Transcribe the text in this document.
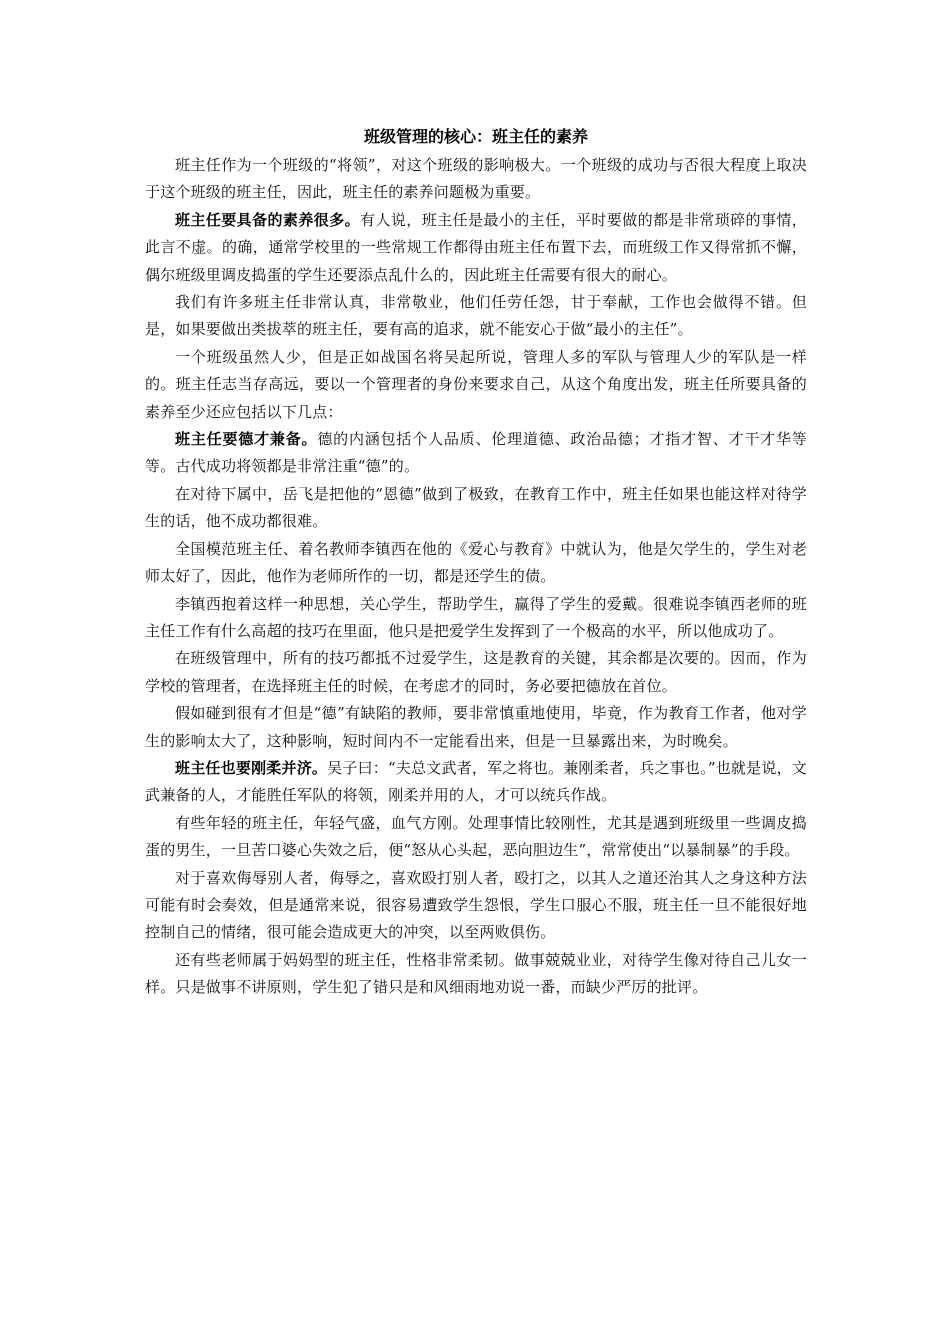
班级管理的核心：班主任的素养

班主任作为一个班级的“将领”，对这个班级的影响极大。一个班级的成功与否很大程度上取决于这个班级的班主任，因此，班主任的素养问题极为重要。

班主任要具备的素养很多。有人说，班主任是最小的主任，平时要做的都是非常琐碎的事情，此言不虚。的确，通常学校里的一些常规工作都得由班主任布置下去，而班级工作又得常抓不懈，偶尔班级里调皮捣蛋的学生还要添点乱什么的，因此班主任需要有很大的耐心。

我们有许多班主任非常认真，非常敬业，他们任劳任怨，甘于奉献，工作也会做得不错。但是，如果要做出类拔萃的班主任，要有高的追求，就不能安心于做“最小的主任”。

一个班级虽然人少，但是正如战国名将吴起所说，管理人多的军队与管理人少的军队是一样的。班主任志当存高远，要以一个管理者的身份来要求自己，从这个角度出发，班主任所要具备的素养至少还应包括以下几点：

班主任要德才兼备。德的内涵包括个人品质、伦理道德、政治品德；才指才智、才干才华等等。古代成功将领都是非常注重“德”的。

在对待下属中，岳飞是把他的“恩德”做到了极致，在教育工作中，班主任如果也能这样对待学生的话，他不成功都很难。

全国模范班主任、着名教师李镇西在他的《爱心与教育》中就认为，他是欠学生的，学生对老师太好了，因此，他作为老师所作的一切，都是还学生的债。

李镇西抱着这样一种思想，关心学生，帮助学生，赢得了学生的爱戴。很难说李镇西老师的班主任工作有什么高超的技巧在里面，他只是把爱学生发挥到了一个极高的水平，所以他成功了。

在班级管理中，所有的技巧都抵不过爱学生，这是教育的关键，其余都是次要的。因而，作为学校的管理者，在选择班主任的时候，在考虑才的同时，务必要把德放在首位。

假如碰到很有才但是“德”有缺陷的教师，要非常慎重地使用，毕竟，作为教育工作者，他对学生的影响太大了，这种影响，短时间内不一定能看出来，但是一旦暴露出来，为时晚矣。

班主任也要刚柔并济。吴子曰：“夫总文武者，军之将也。兼刚柔者，兵之事也。”也就是说，文武兼备的人，才能胜任军队的将领，刚柔并用的人，才可以统兵作战。

有些年轻的班主任，年轻气盛，血气方刚。处理事情比较刚性，尤其是遇到班级里一些调皮捣蛋的男生，一旦苦口婆心失效之后，便“怒从心头起，恶向胆边生”，常常使出“以暴制暴”的手段。

对于喜欢侮辱别人者，侮辱之，喜欢殴打别人者，殴打之，以其人之道还治其人之身这种方法可能有时会奏效，但是通常来说，很容易遭致学生怨恨，学生口服心不服，班主任一旦不能很好地控制自己的情绪，很可能会造成更大的冲突，以至两败俱伤。

还有些老师属于妈妈型的班主任，性格非常柔韧。做事兢兢业业，对待学生像对待自己儿女一样。只是做事不讲原则，学生犯了错只是和风细雨地劝说一番，而缺少严厉的批评。
